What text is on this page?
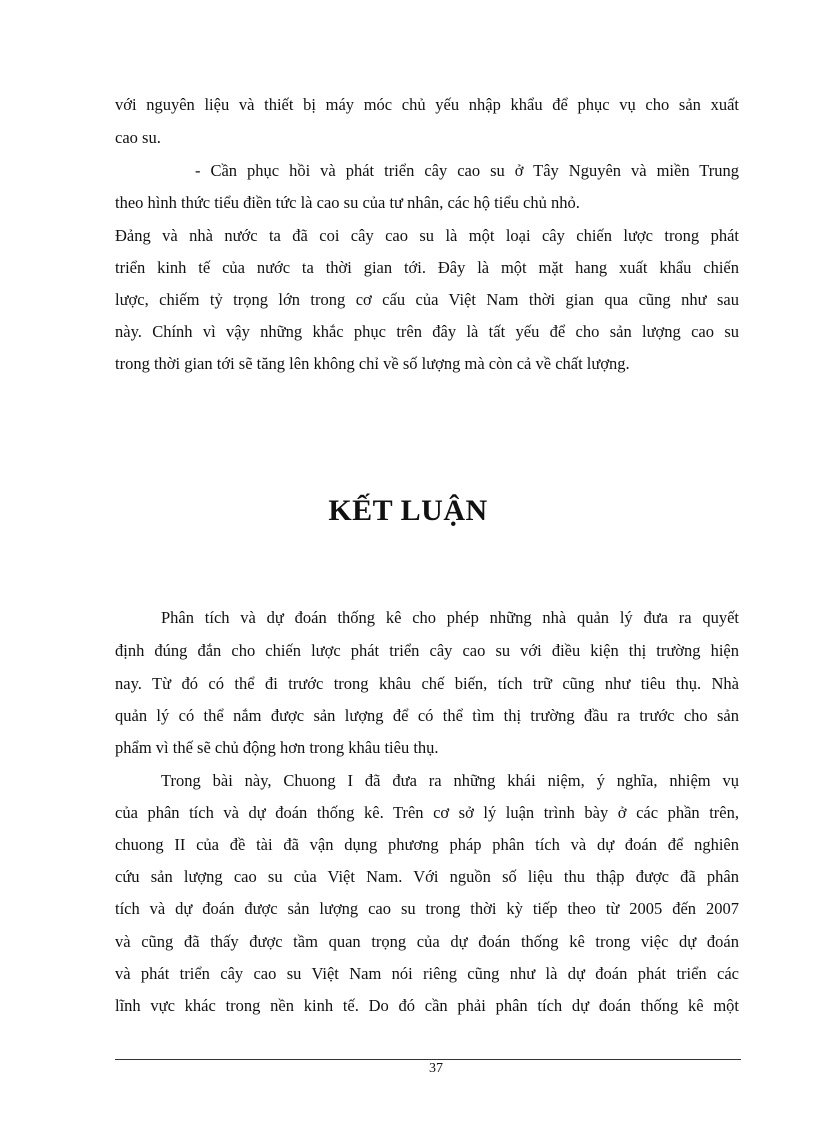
với nguyên liệu và thiết bị máy móc chủ yếu nhập khẩu để phục vụ cho sản xuất
cao su.
- Cần phục hồi và phát triển cây cao su ở Tây Nguyên và miền Trung
theo hình thức tiểu điền tức là cao su của tư nhân, các hộ tiểu chủ nhỏ.
Đảng và nhà nước ta đã coi cây cao su là một loại cây chiến lược trong phát
triển kinh tế của nước ta thời gian tới. Đây là một mặt hang xuất khẩu chiến
lược, chiếm tỷ trọng lớn trong cơ cấu của Việt Nam thời gian qua cũng như sau
này. Chính vì vậy những khắc phục trên đây là tất yếu để cho sản lượng cao su
trong thời gian tới sẽ tăng lên không chỉ về số lượng mà còn cả về chất lượng.
KẾT LUẬN
Phân tích và dự đoán thống kê cho phép những nhà quản lý đưa ra quyết
định đúng đắn cho chiến lược phát triển cây cao su với điều kiện thị trường hiện
nay. Từ đó có thể đi trước trong khâu chế biến, tích trữ cũng như tiêu thụ. Nhà
quản lý có thể nắm được sản lượng để có thể tìm thị trường đầu ra trước cho sản
phẩm vì thế sẽ chủ động hơn trong khâu tiêu thụ.
Trong bài này, Chuong I đã đưa ra những khái niệm, ý nghĩa, nhiệm vụ
của phân tích và dự đoán thống kê. Trên cơ sở lý luận trình bày ở các phần trên,
chuong II của đề tài đã vận dụng phương pháp phân tích và dự đoán để nghiên
cứu sản lượng cao su của Việt Nam. Với nguồn số liệu thu thập được đã phân
tích và dự đoán được sản lượng cao su trong thời kỳ tiếp theo từ 2005 đến 2007
và cũng đã thấy được tầm quan trọng của dự đoán thống kê trong việc dự đoán
và phát triển cây cao su Việt Nam nói riêng cũng như là dự đoán phát triển các
lĩnh vực khác trong nền kinh tế. Do đó cần phải phân tích dự đoán thống kê một
37
